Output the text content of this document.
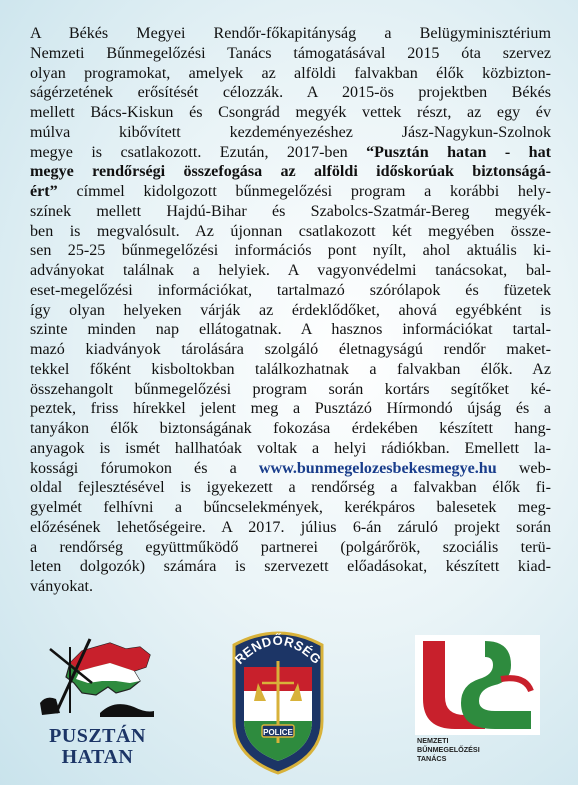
A Békés Megyei Rendőr-főkapitányság a Belügyminisztérium
Nemzeti Bűnmegelőzési Tanács támogatásával 2015 óta szervez
olyan programokat, amelyek az alföldi falvakban élők közbizton-
ságérzetének erősítését célozzák. A 2015-ös projektben Békés
mellett Bács-Kiskun és Csongrád megyék vettek részt, az egy év
múlva kibővített kezdeményezéshez Jász-Nagykun-Szolnok
megye is csatlakozott. Ezután, 2017-ben “Pusztán hatan - hat
megye rendőrségi összefogása az alföldi időskorúak biztonságá-
ért” címmel kidolgozott bűnmegelőzési program a korábbi hely-
színek mellett Hajdú-Bihar és Szabolcs-Szatmár-Bereg megyék-
ben is megvalósult. Az újonnan csatlakozott két megyében össze-
sen 25-25 bűnmegelőzési információs pont nyílt, ahol aktuális ki-
adványokat találnak a helyiek. A vagyonvédelmi tanácsokat, bal-
eset-megelőzési információkat, tartalmazó szórólapok és füzetek
így olyan helyeken várják az érdeklődőket, ahová egyébként is
szinte minden nap ellátogatnak. A hasznos információkat tartal-
mazó kiadványok tárolására szolgáló életnagyságú rendőr maket-
tekkel főként kisboltokban találkozhatnak a falvakban élők. Az
összehangolt bűnmegelőzési program során kortárs segítőket ké-
peztek, friss hírekkel jelent meg a Pusztázó Hírmondó újság és a
tanyákon élők biztonságának fokozása érdekében készített hang-
anyagok is ismét hallhatóak voltak a helyi rádiókban. Emellett la-
kossági fórumokon és a www.bunmegelozesbekesmegye.hu web-
oldal fejlesztésével is igyekezett a rendőrség a falvakban élők fi-
gyelmét felhívni a bűncselekmények, kerékpáros balesetek meg-
előzésének lehetőségeire. A 2017. július 6-án záruló projekt során
a rendőrség együttműködő partnerei (polgárőrök, szociális terü-
leten dolgozók) számára is szervezett előadásokat, készített kiad-
ványokat.
PUSZTÁN
HATAN
RENDŐRSÉG
POLICE
NEMZETI
BŰNMEGELŐZÉSI
TANÁCS
